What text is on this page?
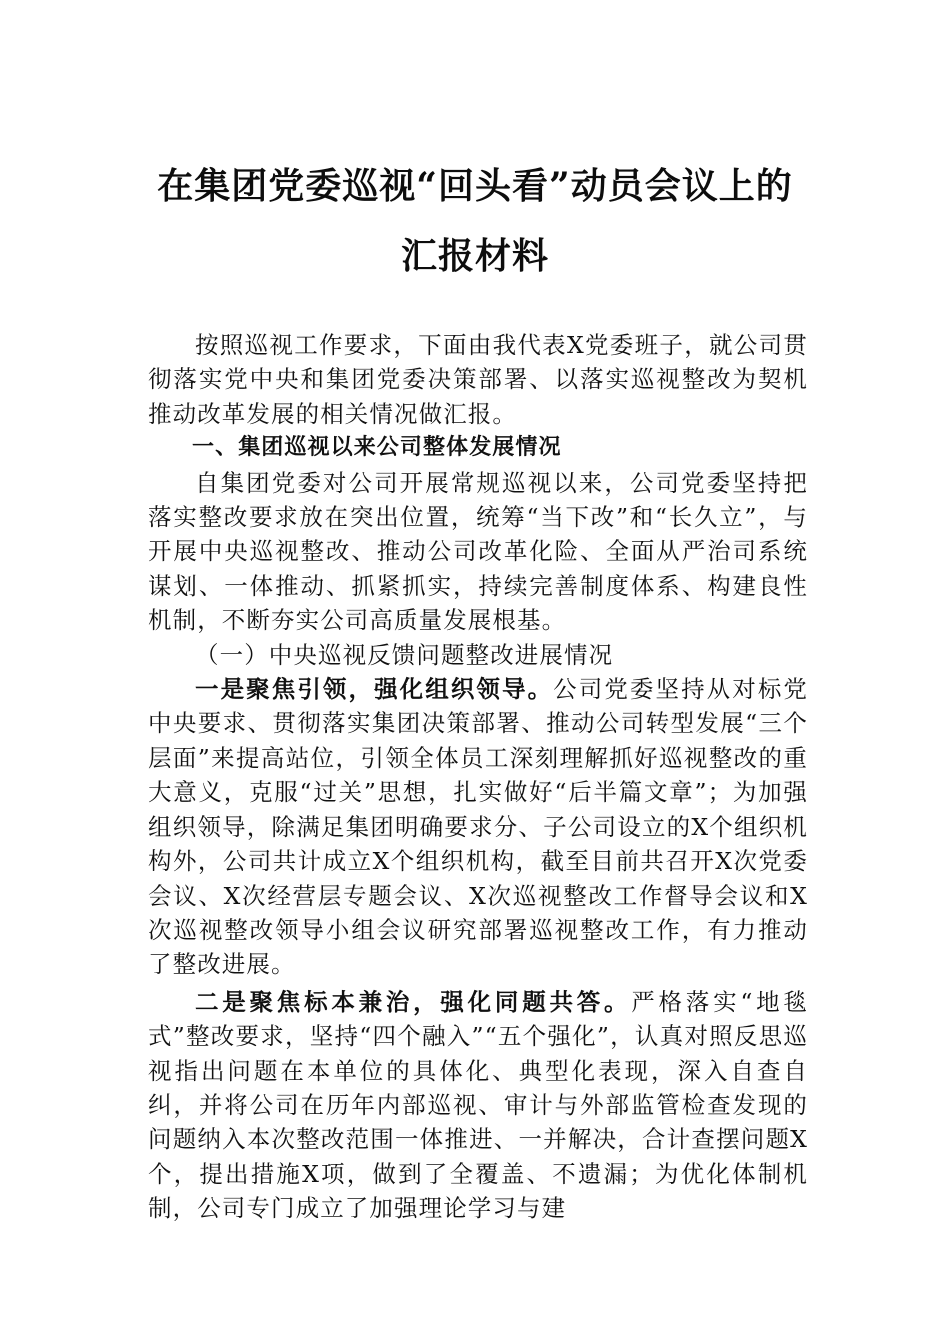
在集团党委巡视“回头看”动员会议上的
汇报材料

按照巡视工作要求，下面由我代表X党委班子，就公司贯彻落实党中央和集团党委决策部署、以落实巡视整改为契机推动改革发展的相关情况做汇报。

一、集团巡视以来公司整体发展情况

自集团党委对公司开展常规巡视以来，公司党委坚持把落实整改要求放在突出位置，统筹“当下改”和“长久立”，与开展中央巡视整改、推动公司改革化险、全面从严治司系统谋划、一体推动、抓紧抓实，持续完善制度体系、构建良性机制，不断夯实公司高质量发展根基。

（一）中央巡视反馈问题整改进展情况

一是聚焦引领，强化组织领导。公司党委坚持从对标党中央要求、贯彻落实集团决策部署、推动公司转型发展“三个层面”来提高站位，引领全体员工深刻理解抓好巡视整改的重大意义，克服“过关”思想，扎实做好“后半篇文章”；为加强组织领导，除满足集团明确要求分、子公司设立的X个组织机构外，公司共计成立X个组织机构，截至目前共召开X次党委会议、X次经营层专题会议、X次巡视整改工作督导会议和X次巡视整改领导小组会议研究部署巡视整改工作，有力推动了整改进展。

二是聚焦标本兼治，强化同题共答。严格落实“地毯式”整改要求，坚持“四个融入”“五个强化”，认真对照反思巡视指出问题在本单位的具体化、典型化表现，深入自查自纠，并将公司在历年内部巡视、审计与外部监管检查发现的问题纳入本次整改范围一体推进、一并解决，合计查摆问题X个，提出措施X项，做到了全覆盖、不遗漏；为优化体制机制，公司专门成立了加强理论学习与建
